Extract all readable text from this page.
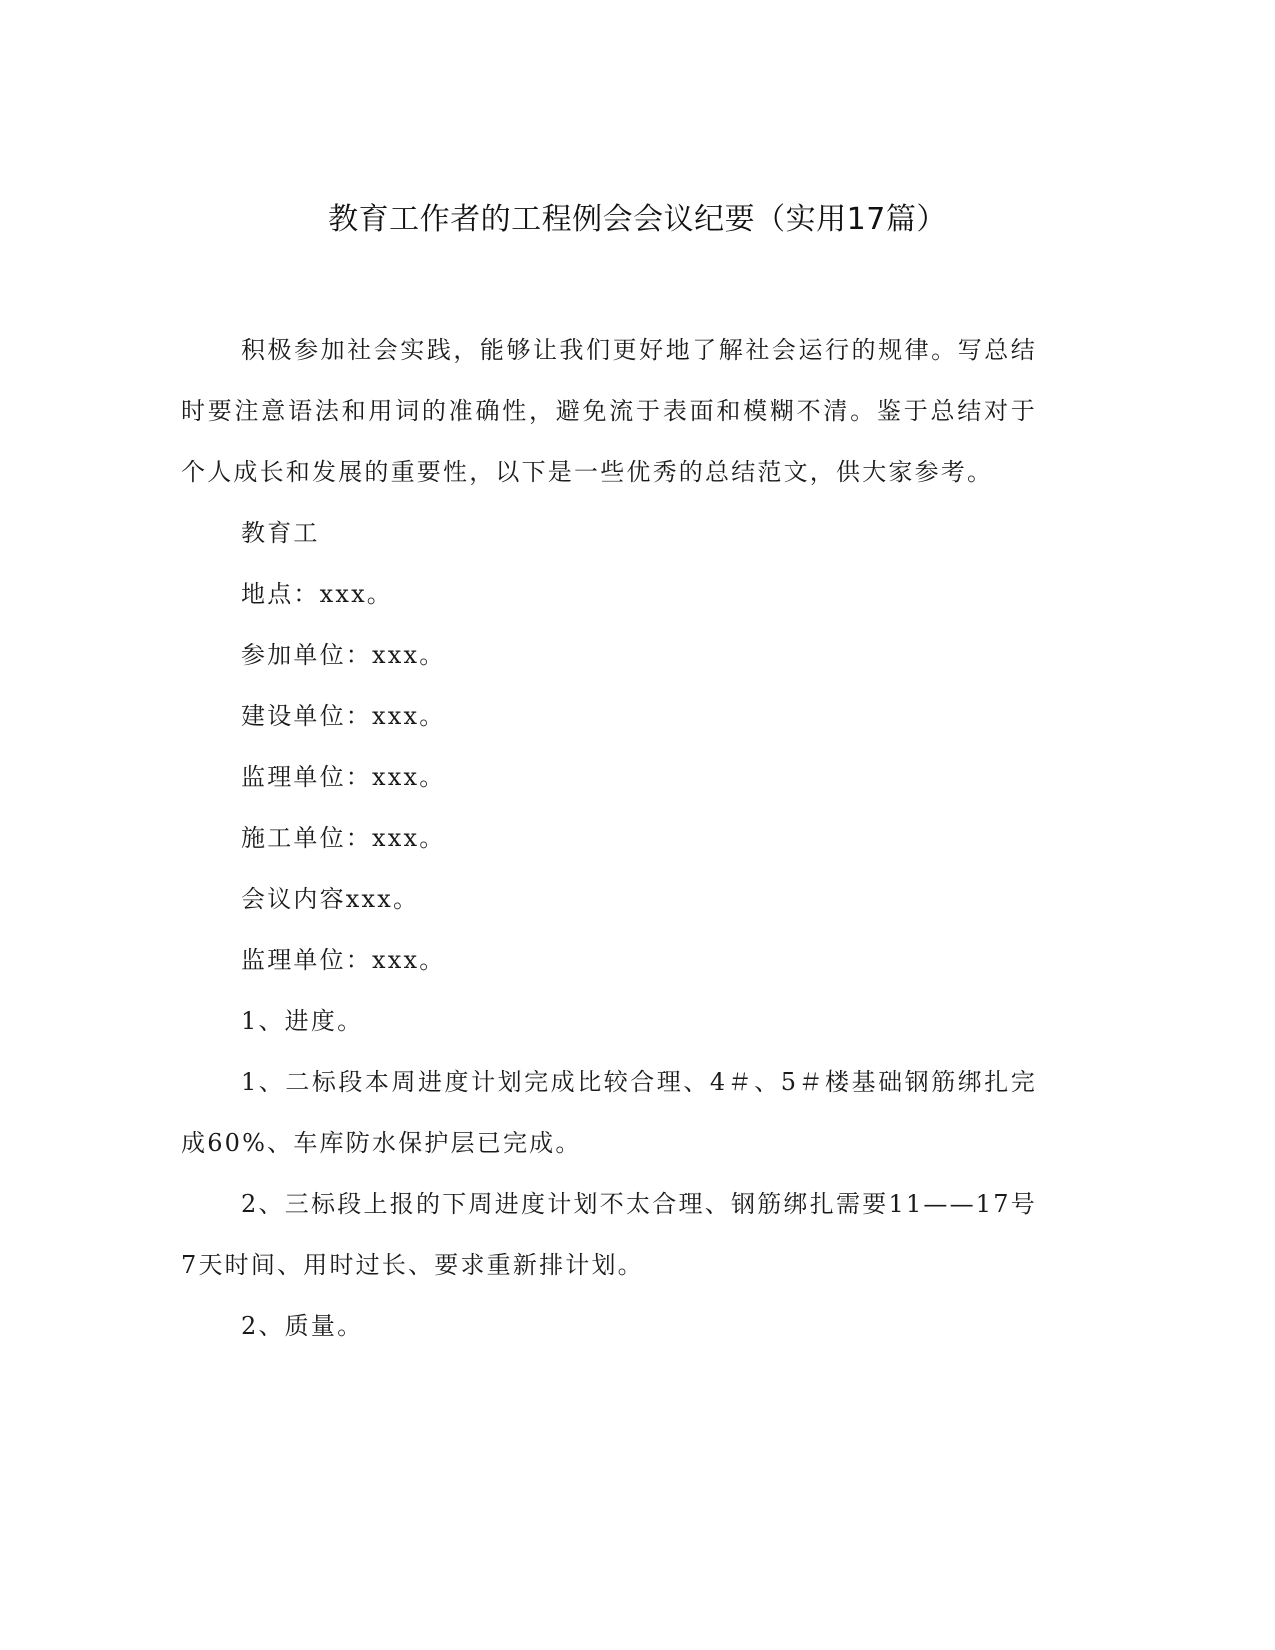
教育工作者的工程例会会议纪要（实用17篇）

积极参加社会实践，能够让我们更好地了解社会运行的规律。写总结时要注意语法和用词的准确性，避免流于表面和模糊不清。鉴于总结对于个人成长和发展的重要性，以下是一些优秀的总结范文，供大家参考。

教育工

地点：xxx。

参加单位：xxx。

建设单位：xxx。

监理单位：xxx。

施工单位：xxx。

会议内容xxx。

监理单位：xxx。

1、进度。

1、二标段本周进度计划完成比较合理、4＃、5＃楼基础钢筋绑扎完成60%、车库防水保护层已完成。

2、三标段上报的下周进度计划不太合理、钢筋绑扎需要11——17号7天时间、用时过长、要求重新排计划。

2、质量。
